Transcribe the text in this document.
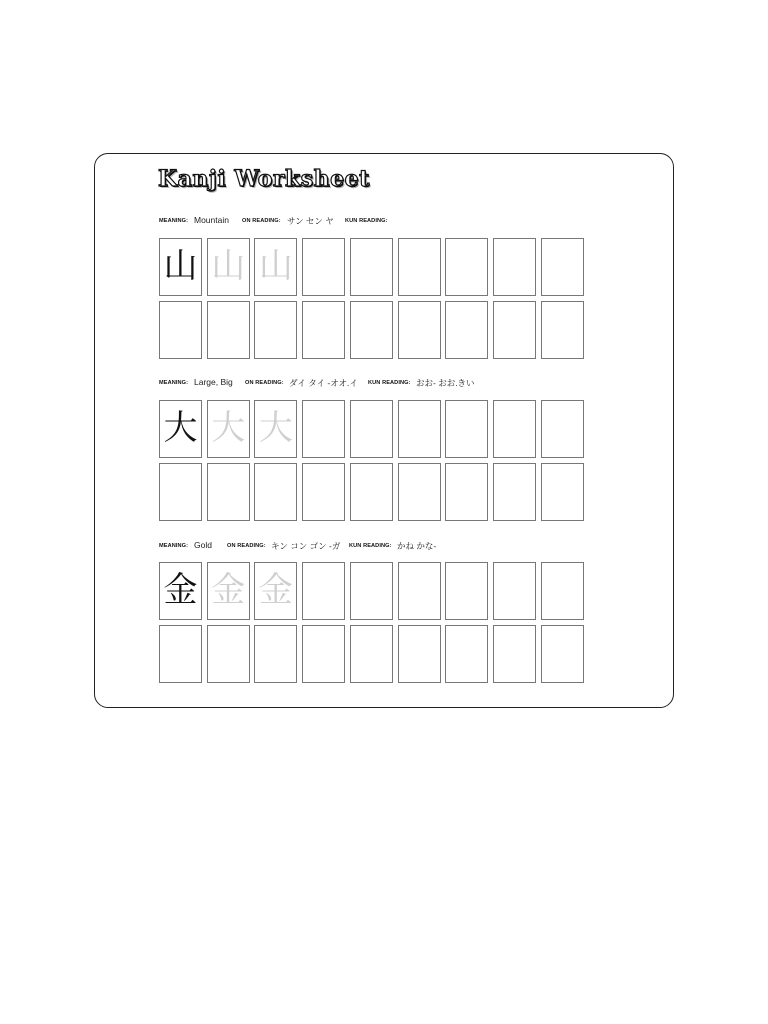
Kanji Worksheet
MEANING: Mountain ON READING: サン セン ヤ KUN READING:
山 山 山
MEANING: Large, Big ON READING: ダイ タイ -オオ.イ KUN READING: おお- おお.きい
大 大 大
MEANING: Gold	ON READING: キン コン ゴン -ガ KUN READING: かね かな-
金 金 金
